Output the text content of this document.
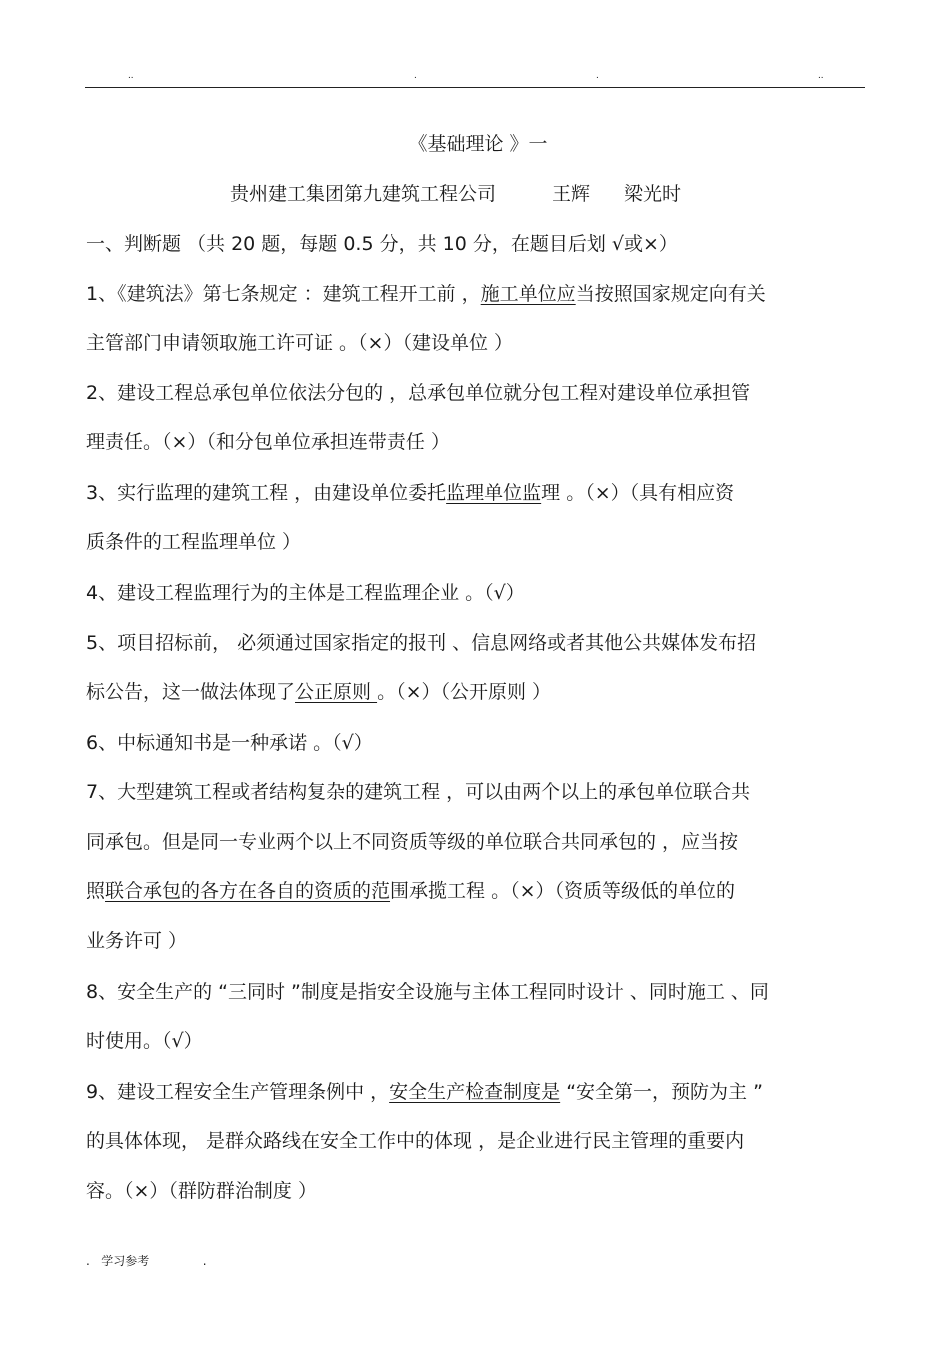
..	.	.	..
《基础理论 》一
贵州建工集团第九建筑工程公司	王辉 梁光时
一、判断题 （共 20 题，每题 0.5 分，共 10 分，在题目后划 √或×）
1、《建筑法》第七条规定 ：建筑工程开工前 ，施工单位应当按照国家规定向有关
主管部门申请领取施工许可证 。（×）（建设单位 ）
2、建设工程总承包单位依法分包的 ，总承包单位就分包工程对建设单位承担管
理责任。（×）（和分包单位承担连带责任 ）
3、实行监理的建筑工程 ，由建设单位委托监理单位监理 。（×）（具有相应资
质条件的工程监理单位 ）
4、建设工程监理行为的主体是工程监理企业 。（√）
5、项目招标前， 必须通过国家指定的报刊 、信息网络或者其他公共媒体发布招
标公告，这一做法体现了公正原则 。（×）（公开原则 ）
6、中标通知书是一种承诺 。（√）
7、大型建筑工程或者结构复杂的建筑工程 ，可以由两个以上的承包单位联合共
同承包。但是同一专业两个以上不同资质等级的单位联合共同承包的 ，应当按
照联合承包的各方在各自的资质的范围承揽工程 。（×）（资质等级低的单位的
业务许可 ）
8、安全生产的 “三同时 ”制度是指安全设施与主体工程同时设计 、同时施工 、同
时使用。（√）
9、建设工程安全生产管理条例中 ，安全生产检查制度是 “安全第一，预防为主 ”
的具体体现， 是群众路线在安全工作中的体现 ，是企业进行民主管理的重要内
容。（×）（群防群治制度 ）
. 学习参考	.
